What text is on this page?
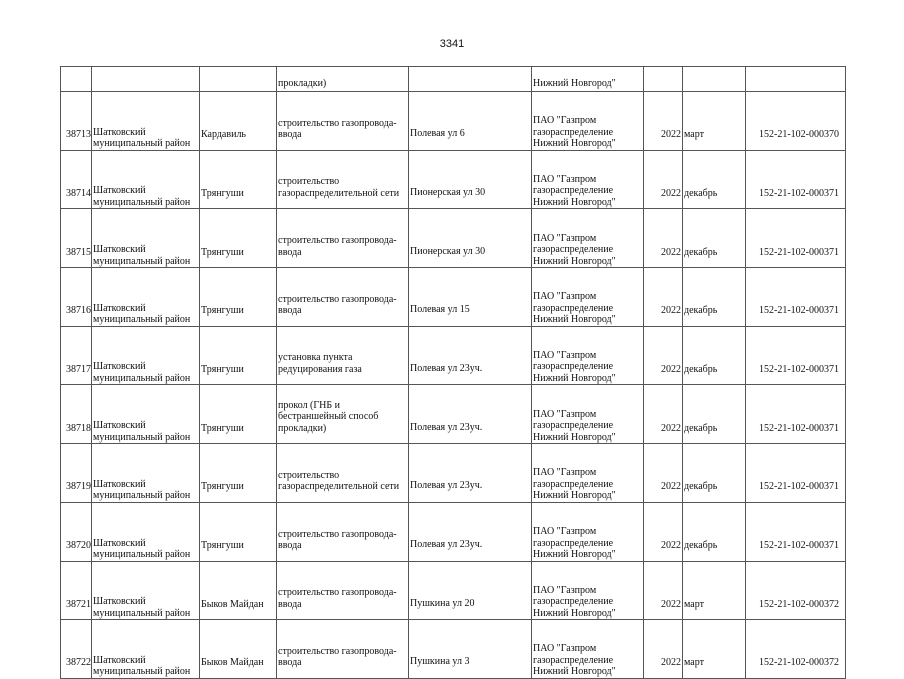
3341
			прокладки)		Нижний Новгород"			
38713	Шатковский
муниципальный район	Кардавиль	строительство газопровода-
ввода	Полевая ул 6	ПАО "Газпром
газораспределение
Нижний Новгород"	2022	март	152-21-102-000370
38714	Шатковский
муниципальный район	Трянгуши	строительство
газораспределительной сети	Пионерская ул 30	ПАО "Газпром
газораспределение
Нижний Новгород"	2022	декабрь	152-21-102-000371
38715	Шатковский
муниципальный район	Трянгуши	строительство газопровода-
ввода	Пионерская ул 30	ПАО "Газпром
газораспределение
Нижний Новгород"	2022	декабрь	152-21-102-000371
38716	Шатковский
муниципальный район	Трянгуши	строительство газопровода-
ввода	Полевая ул 15	ПАО "Газпром
газораспределение
Нижний Новгород"	2022	декабрь	152-21-102-000371
38717	Шатковский
муниципальный район	Трянгуши	установка пункта
редуцирования газа	Полевая ул 23уч.	ПАО "Газпром
газораспределение
Нижний Новгород"	2022	декабрь	152-21-102-000371
38718	Шатковский
муниципальный район	Трянгуши	прокол (ГНБ и
бестраншейный способ
прокладки)	Полевая ул 23уч.	ПАО "Газпром
газораспределение
Нижний Новгород"	2022	декабрь	152-21-102-000371
38719	Шатковский
муниципальный район	Трянгуши	строительство
газораспределительной сети	Полевая ул 23уч.	ПАО "Газпром
газораспределение
Нижний Новгород"	2022	декабрь	152-21-102-000371
38720	Шатковский
муниципальный район	Трянгуши	строительство газопровода-
ввода	Полевая ул 23уч.	ПАО "Газпром
газораспределение
Нижний Новгород"	2022	декабрь	152-21-102-000371
38721	Шатковский
муниципальный район	Быков Майдан	строительство газопровода-
ввода	Пушкина ул 20	ПАО "Газпром
газораспределение
Нижний Новгород"	2022	март	152-21-102-000372
38722	Шатковский
муниципальный район	Быков Майдан	строительство газопровода-
ввода	Пушкина ул 3	ПАО "Газпром
газораспределение
Нижний Новгород"	2022	март	152-21-102-000372
